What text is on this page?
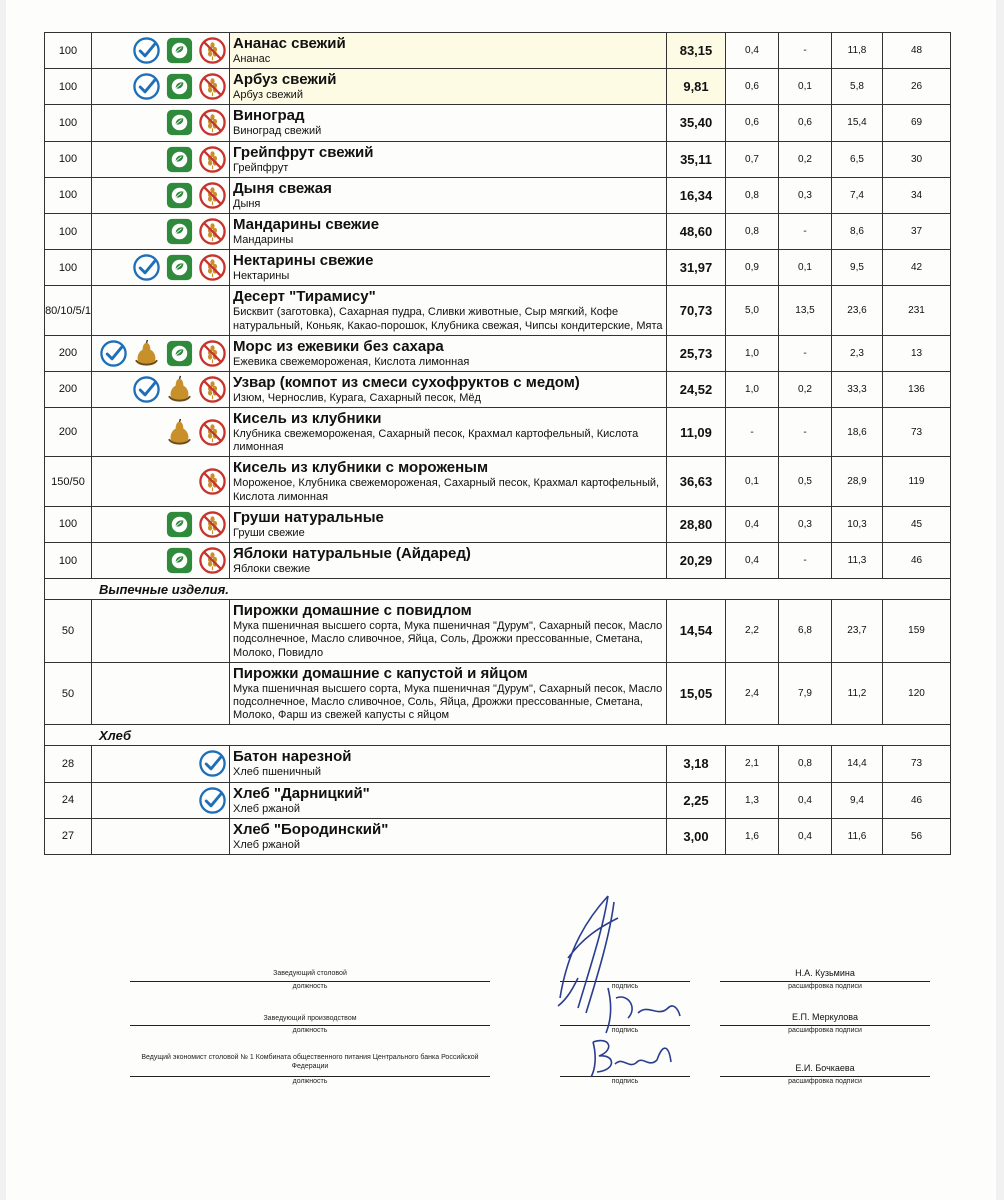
100		Ананас свежий
Ананас	83,15	0,4	-	11,8	48
100		Арбуз свежий
Арбуз свежий	9,81	0,6	0,1	5,8	26
100		Виноград
Виноград свежий	35,40	0,6	0,6	15,4	69
100		Грейпфрут свежий
Грейпфрут	35,11	0,7	0,2	6,5	30
100		Дыня свежая
Дыня	16,34	0,8	0,3	7,4	34
100		Мандарины свежие
Мандарины	48,60	0,8	-	8,6	37
100		Нектарины свежие
Нектарины	31,97	0,9	0,1	9,5	42
80/10/5/1		Десерт "Тирамису"
Бисквит (заготовка), Сахарная пудра, Сливки животные, Сыр мягкий, Кофе натуральный, Коньяк, Какао-порошок, Клубника свежая, Чипсы кондитерские, Мята	70,73	5,0	13,5	23,6	231
200		Морс из ежевики без сахара
Ежевика свежемороженая, Кислота лимонная	25,73	1,0	-	2,3	13
200		Узвар (компот из смеси сухофруктов с медом)
Изюм, Чернослив, Курага, Сахарный песок, Мёд	24,52	1,0	0,2	33,3	136
200		Кисель из клубники
Клубника свежемороженая, Сахарный песок, Крахмал картофельный, Кислота лимонная	11,09	-	-	18,6	73
150/50		Кисель из клубники с мороженым
Мороженое, Клубника свежемороженая, Сахарный песок, Крахмал картофельный, Кислота лимонная	36,63	0,1	0,5	28,9	119
100		Груши натуральные
Груши свежие	28,80	0,4	0,3	10,3	45
100		Яблоки натуральные (Айдаред)
Яблоки свежие	20,29	0,4	-	11,3	46
Выпечные изделия.							
50		Пирожки домашние с повидлом
Мука пшеничная высшего сорта, Мука пшеничная "Дурум", Сахарный песок, Масло подсолнечное, Масло сливочное, Яйца, Соль, Дрожжи прессованные, Сметана, Молоко, Повидло	14,54	2,2	6,8	23,7	159
50		Пирожки домашние с капустой и яйцом
Мука пшеничная высшего сорта, Мука пшеничная "Дурум", Сахарный песок, Масло подсолнечное, Масло сливочное, Соль, Яйца, Дрожжи прессованные, Сметана, Молоко, Фарш из свежей капусты с яйцом	15,05	2,4	7,9	11,2	120
Хлеб							
28		Батон нарезной
Хлеб пшеничный	3,18	2,1	0,8	14,4	73
24		Хлеб "Дарницкий"
Хлеб ржаной	2,25	1,3	0,4	9,4	46
27		Хлеб "Бородинский"
Хлеб ржаной	3,00	1,6	0,4	11,6	56
Заведующий столовой
должность	подпись
Н.А. Кузьмина
расшифровка подписи
Заведующий производством
должность	подпись
Е.П. Меркулова
расшифровка подписи
Ведущий экономист столовой № 1 Комбината общественного питания Центрального банка Российской Федерации
должность	подпись
Е.И. Бочкаева
расшифровка подписи
